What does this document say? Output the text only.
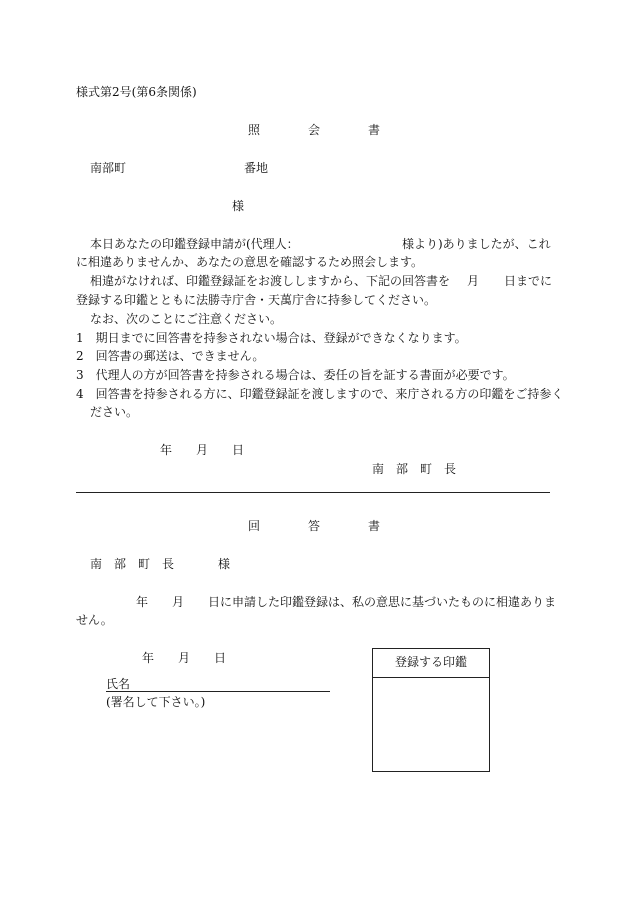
様式第2号(第6条関係)
照	会	書
南部町	番地
様
本日あなたの印鑑登録申請が(代理人：	様より)ありましたが、これ
に相違ありませんか、あなたの意思を確認するため照会します。
相違がなければ、印鑑登録証をお渡ししますから、下記の回答書を 月 日までに
登録する印鑑とともに法勝寺庁舎・天萬庁舎に持参してください。
なお、次のことにご注意ください。
1 期日までに回答書を持参されない場合は、登録ができなくなります。
2 回答書の郵送は、できません。
3 代理人の方が回答書を持参される場合は、委任の旨を証する書面が必要です。
4 回答書を持参される方に、印鑑登録証を渡しますので、来庁される方の印鑑をご持参く
ださい。
年 月 日
南 部 町 長
回	答	書
南 部 町 長	様
年 月 日に申請した印鑑登録は、私の意思に基づいたものに相違ありま
せん。
年 月 日
氏名
(署名して下さい。)
登録する印鑑
